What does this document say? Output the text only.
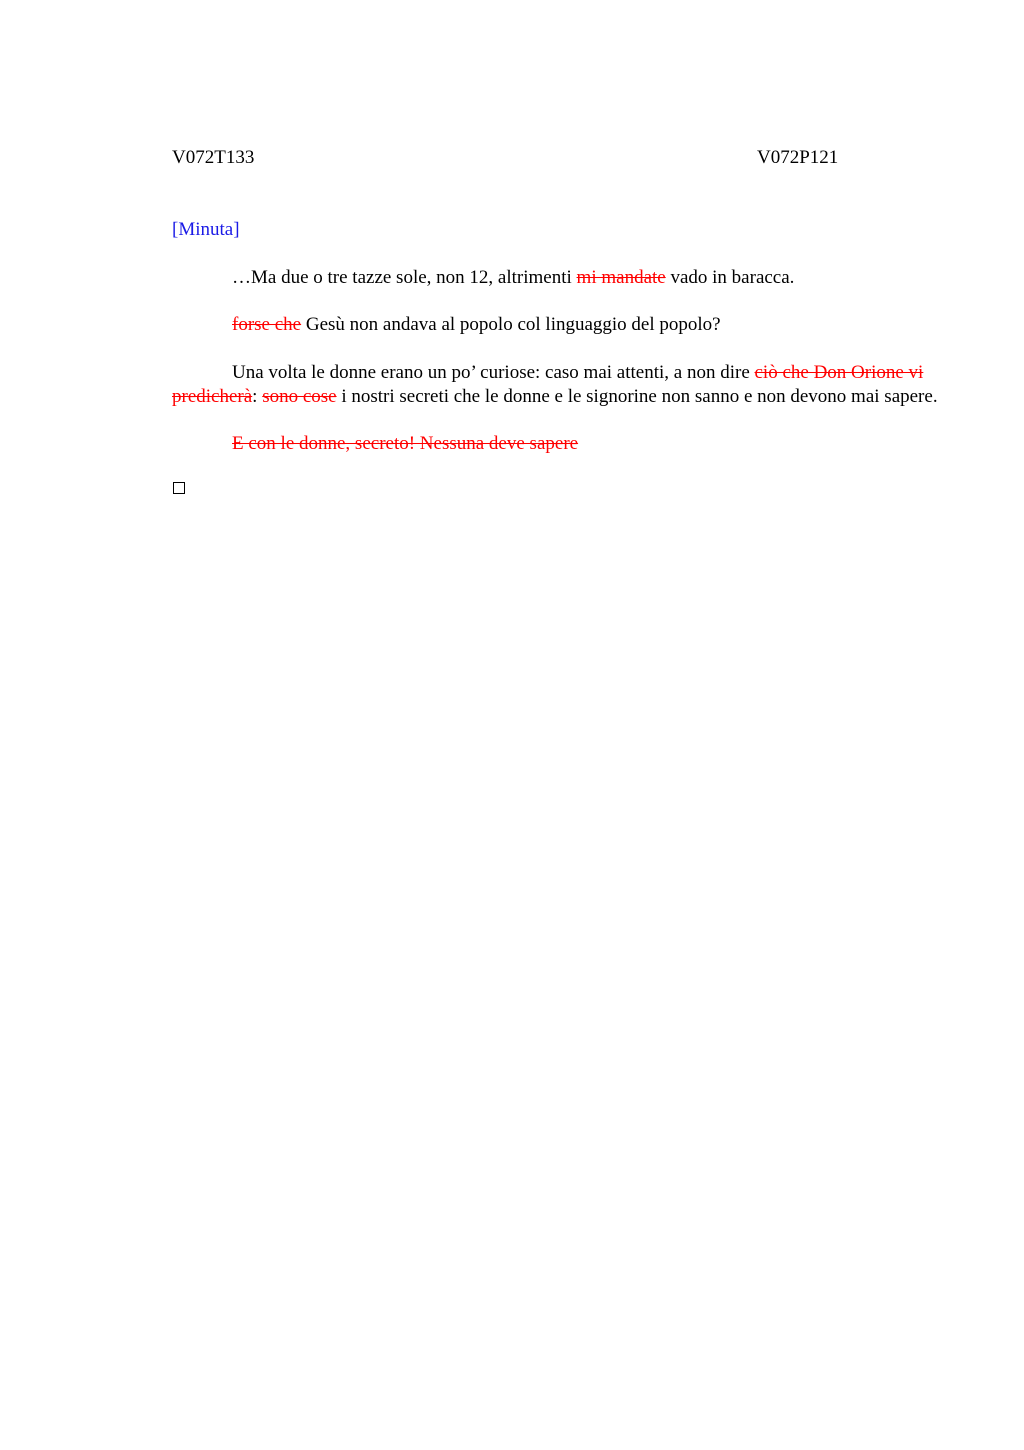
V072T133	V072P121
[Minuta]

…Ma due o tre tazze sole, non 12, altrimenti mi mandate vado in baracca.

forse che Gesù non andava al popolo col linguaggio del popolo?

Una volta le donne erano un po’ curiose: caso mai attenti, a non dire ciò che Don Orione vi predicherà: sono cose i nostri secreti che le donne e le signorine non sanno e non devono mai sapere.

E con le donne, secreto! Nessuna deve sapere
